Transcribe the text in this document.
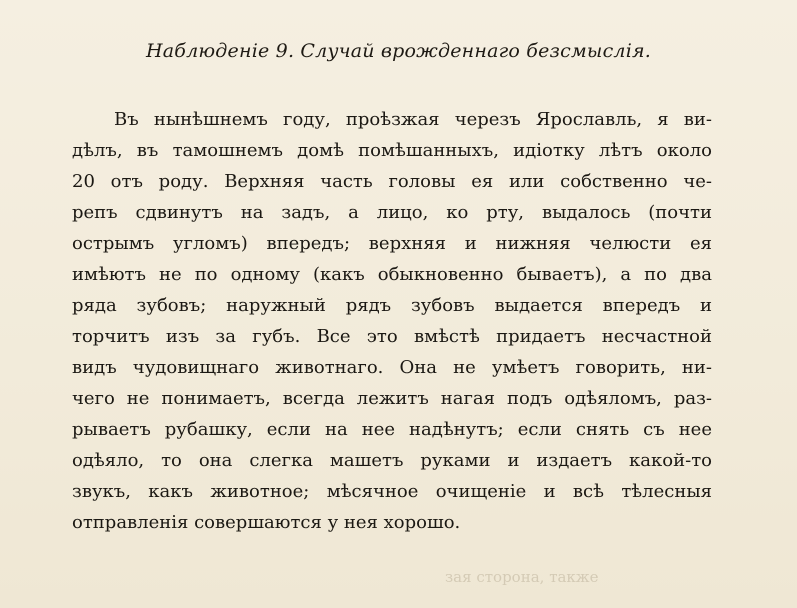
Наблюденіе 9. Случай врожденнаго безсмыслія.
Въ нынѣшнемъ году, проѣзжая черезъ Ярославль, я ви-
дѣлъ, въ тамошнемъ домѣ помѣшанныхъ, идіотку лѣтъ около
20 отъ роду. Верхняя часть головы ея или собственно че-
репъ сдвинутъ на задъ, а лицо, ко рту, выдалось (почти
острымъ угломъ) впередъ; верхняя и нижняя челюсти ея
имѣютъ не по одному (какъ обыкновенно бываетъ), а по два
ряда зубовъ; наружный рядъ зубовъ выдается впередъ и
торчитъ изъ за губъ. Все это вмѣстѣ придаетъ несчастной
видъ чудовищнаго животнаго. Она не умѣетъ говорить, ни-
чего не понимаетъ, всегда лежитъ нагая подъ одѣяломъ, раз-
рываетъ рубашку, если на нее надѣнутъ; если снять съ нее
одѣяло, то она слегка машетъ руками и издаетъ какой-то
звукъ, какъ животное; мѣсячное очищеніе и всѣ тѣлесныя
отправленія совершаются у нея хорошо.
зая сторона, также
